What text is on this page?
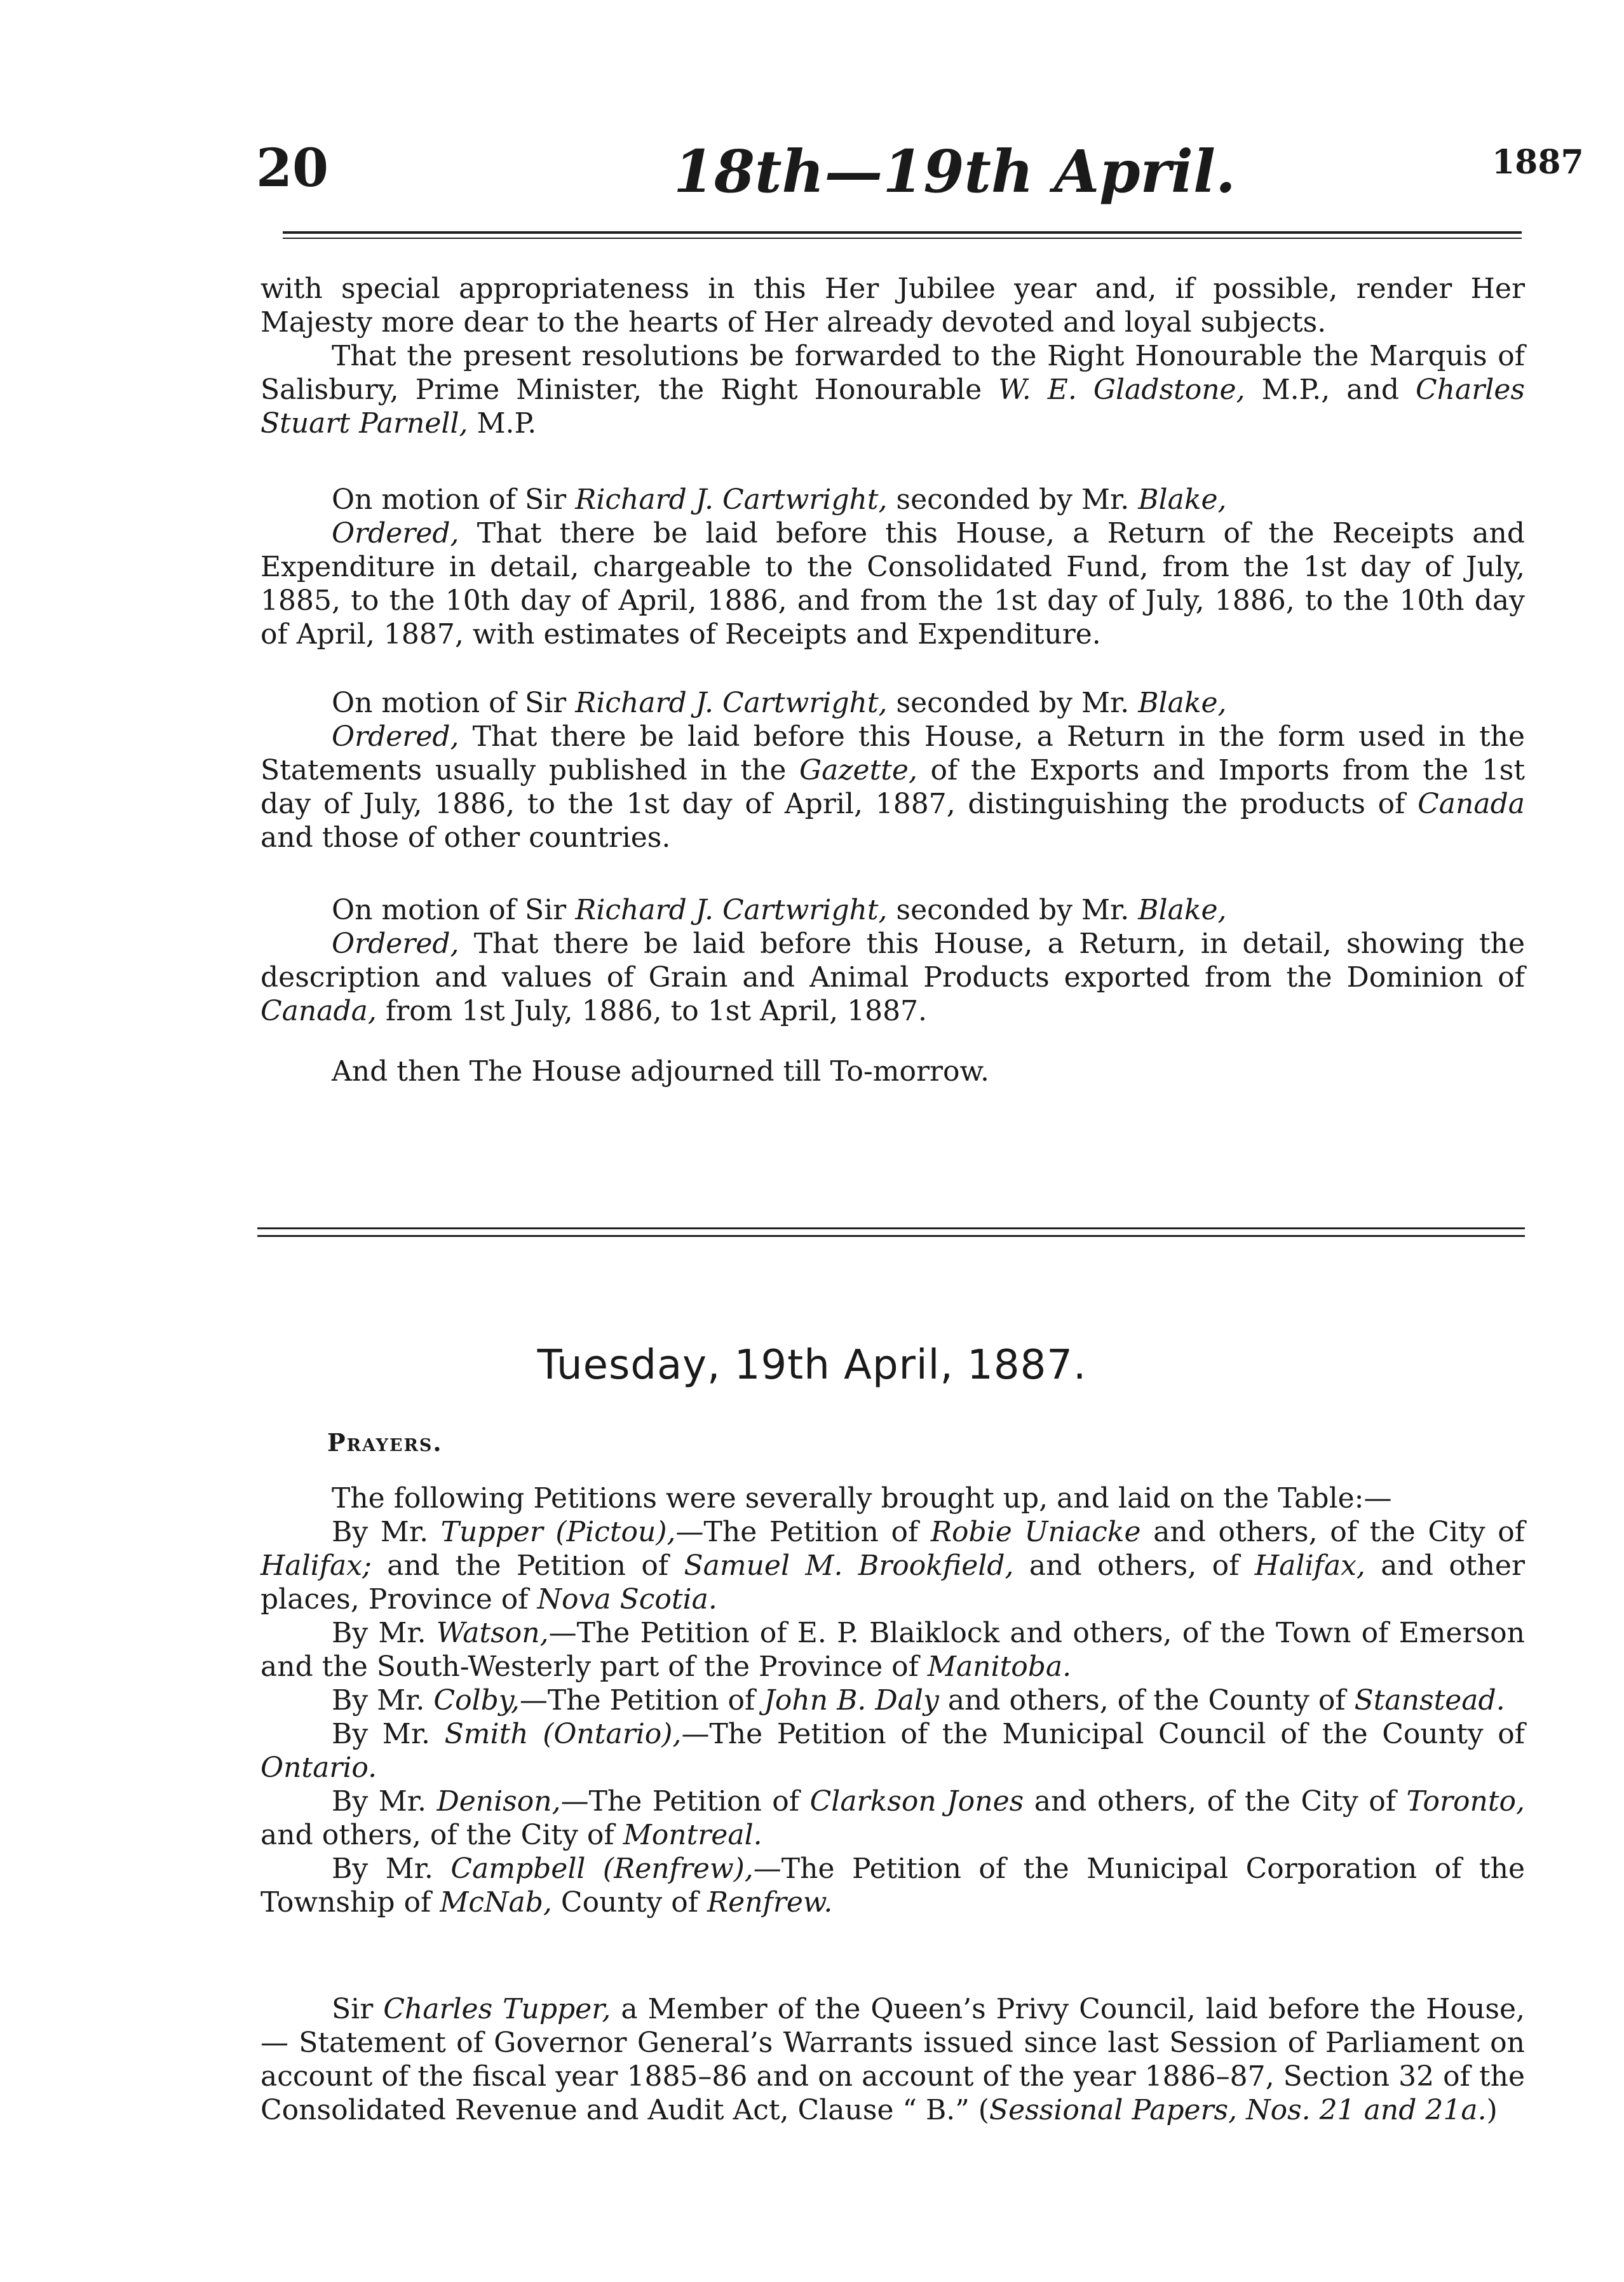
20	18th—19th April.	1887

with special appropriateness in this Her Jubilee year and, if possible, render Her Majesty more dear to the hearts of Her already devoted and loyal subjects.

That the present resolutions be forwarded to the Right Honourable the Marquis of Salisbury, Prime Minister, the Right Honourable W. E. Gladstone, M.P., and Charles Stuart Parnell, M.P.

On motion of Sir Richard J. Cartwright, seconded by Mr. Blake,

Ordered, That there be laid before this House, a Return of the Receipts and Expenditure in detail, chargeable to the Consolidated Fund, from the 1st day of July, 1885, to the 10th day of April, 1886, and from the 1st day of July, 1886, to the 10th day of April, 1887, with estimates of Receipts and Expenditure.

On motion of Sir Richard J. Cartwright, seconded by Mr. Blake,

Ordered, That there be laid before this House, a Return in the form used in the Statements usually published in the Gazette, of the Exports and Imports from the 1st day of July, 1886, to the 1st day of April, 1887, distinguishing the products of Canada and those of other countries.

On motion of Sir Richard J. Cartwright, seconded by Mr. Blake,

Ordered, That there be laid before this House, a Return, in detail, showing the description and values of Grain and Animal Products exported from the Dominion of Canada, from 1st July, 1886, to 1st April, 1887.

And then The House adjourned till To-morrow.

Tuesday, 19th April, 1887.
Prayers.

The following Petitions were severally brought up, and laid on the Table:—

By Mr. Tupper (Pictou),—The Petition of Robie Uniacke and others, of the City of Halifax; and the Petition of Samuel M. Brookfield, and others, of Halifax, and other places, Province of Nova Scotia.

By Mr. Watson,—The Petition of E. P. Blaiklock and others, of the Town of Emerson and the South-Westerly part of the Province of Manitoba.

By Mr. Colby,—The Petition of John B. Daly and others, of the County of Stanstead.

By Mr. Smith (Ontario),—The Petition of the Municipal Council of the County of Ontario.

By Mr. Denison,—The Petition of Clarkson Jones and others, of the City of Toronto, and others, of the City of Montreal.

By Mr. Campbell (Renfrew),—The Petition of the Municipal Corporation of the Township of McNab, County of Renfrew.

Sir Charles Tupper, a Member of the Queen’s Privy Council, laid before the House,— Statement of Governor General’s Warrants issued since last Session of Parliament on account of the fiscal year 1885–86 and on account of the year 1886–87, Section 32 of the Consolidated Revenue and Audit Act, Clause “ B.” (Sessional Papers, Nos. 21 and 21a.)
